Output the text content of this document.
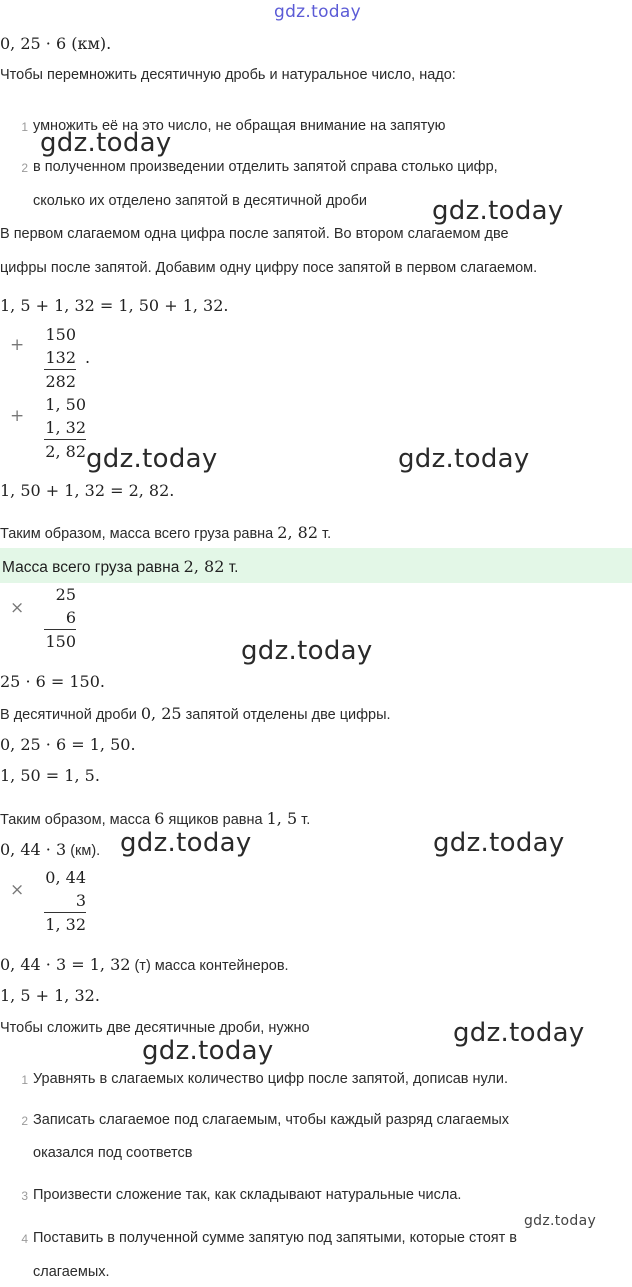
gdz.today
0, 25 · 6 (км).
Чтобы перемножить десятичную дробь и натуральное число, надо:
1 умножить её на это число, не обращая внимание на запятую
2 в полученном произведении отделить запятой справа столько цифр,
сколько их отделено запятой в десятичной дроби
gdz.today
gdz.today
В первом слагаемом одна цифра после запятой. Во втором слагаемом две
цифры после запятой. Добавим одну цифру посе запятой в первом слагаемом.
1, 5 + 1, 32 = 1, 50 + 1, 32.
+
150
132
282
.
+
1, 50
1, 32
2, 82 gdz.today	gdz.today
1, 50 + 1, 32 = 2, 82.
Таким образом, масса всего груза равна 2, 82 т.
Масса всего груза равна 2, 82 т.
×
25
6
150	gdz.today
25 · 6 = 150.
В десятичной дроби 0, 25 запятой отделены две цифры.
0, 25 · 6 = 1, 50.
1, 50 = 1, 5.
Таким образом, масса 6 ящиков равна 1, 5 т.
0, 44 · 3 (км). gdz.today	gdz.today
×
0, 44
3
1, 32
0, 44 · 3 = 1, 32 (т) масса контейнеров.
1, 5 + 1, 32.
Чтобы сложить две десятичные дроби, нужно	gdz.today
gdz.today
1 Уравнять в слагаемых количество цифр после запятой, дописав нули.
2 Записать слагаемое под слагаемым, чтобы каждый разряд слагаемых
оказался под соответсв
3 Произвести сложение так, как складывают натуральные числа.
gdz.today
4 Поставить в полученной сумме запятую под запятыми, которые стоят в
слагаемых.
